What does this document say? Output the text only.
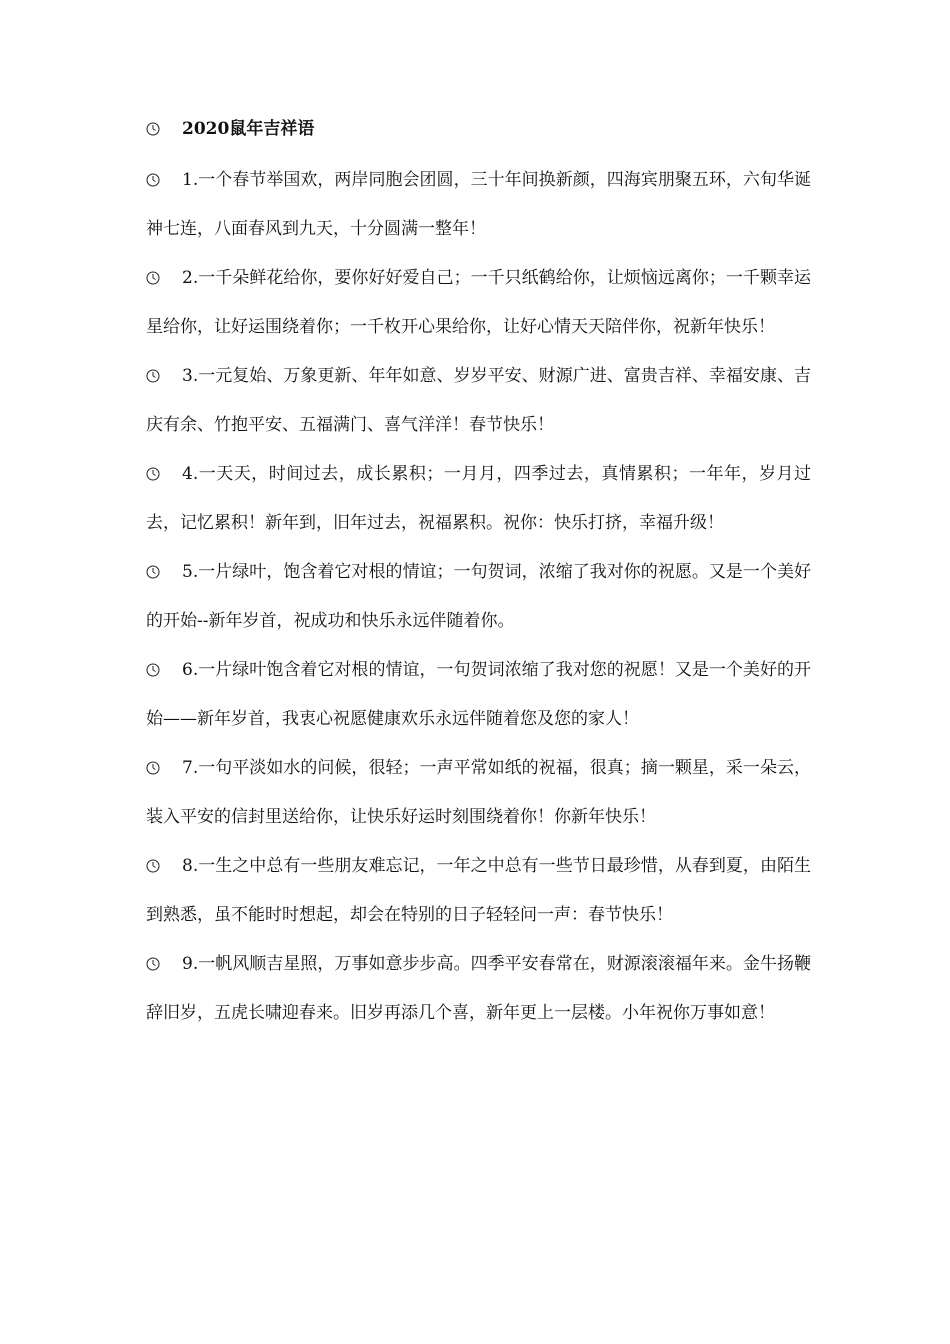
2020鼠年吉祥语

1.一个春节举国欢，两岸同胞会团圆，三十年间换新颜，四海宾朋聚五环，六旬华诞神七连，八面春风到九天，十分圆满一整年！

2.一千朵鲜花给你，要你好好爱自己；一千只纸鹤给你，让烦恼远离你；一千颗幸运星给你，让好运围绕着你；一千枚开心果给你，让好心情天天陪伴你，祝新年快乐！

3.一元复始、万象更新、年年如意、岁岁平安、财源广进、富贵吉祥、幸福安康、吉庆有余、竹抱平安、五福满门、喜气洋洋！春节快乐！

4.一天天，时间过去，成长累积；一月月，四季过去，真情累积；一年年，岁月过去，记忆累积！新年到，旧年过去，祝福累积。祝你：快乐打挤，幸福升级！

5.一片绿叶，饱含着它对根的情谊；一句贺词，浓缩了我对你的祝愿。又是一个美好的开始--新年岁首，祝成功和快乐永远伴随着你。

6.一片绿叶饱含着它对根的情谊，一句贺词浓缩了我对您的祝愿！又是一个美好的开始——新年岁首，我衷心祝愿健康欢乐永远伴随着您及您的家人！

7.一句平淡如水的问候，很轻；一声平常如纸的祝福，很真；摘一颗星，采一朵云，装入平安的信封里送给你，让快乐好运时刻围绕着你！你新年快乐！

8.一生之中总有一些朋友难忘记，一年之中总有一些节日最珍惜，从春到夏，由陌生到熟悉，虽不能时时想起，却会在特别的日子轻轻问一声：春节快乐！

9.一帆风顺吉星照，万事如意步步高。四季平安春常在，财源滚滚福年来。金牛扬鞭辞旧岁，五虎长啸迎春来。旧岁再添几个喜，新年更上一层楼。小年祝你万事如意！
